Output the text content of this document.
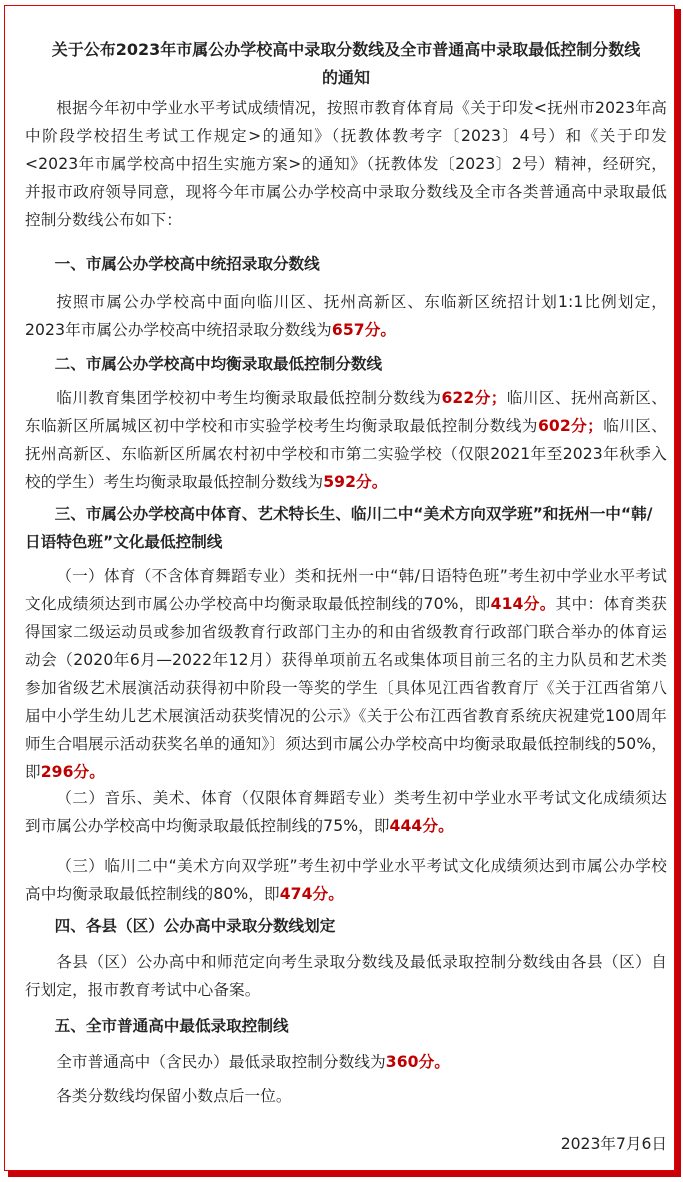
关于公布2023年市属公办学校高中录取分数线及全市普通高中录取最低控制分数线
的通知

根据今年初中学业水平考试成绩情况，按照市教育体育局《关于印发<抚州市2023年高中阶段学校招生考试工作规定>的通知》（抚教体教考字〔2023〕4号）和《关于印发<2023年市属学校高中招生实施方案>的通知》（抚教体发〔2023〕2号）精神，经研究，并报市政府领导同意，现将今年市属公办学校高中录取分数线及全市各类普通高中录取最低控制分数线公布如下：

一、市属公办学校高中统招录取分数线

按照市属公办学校高中面向临川区、抚州高新区、东临新区统招计划1:1比例划定，2023年市属公办学校高中统招录取分数线为657分。

二、市属公办学校高中均衡录取最低控制分数线

临川教育集团学校初中考生均衡录取最低控制分数线为622分；临川区、抚州高新区、东临新区所属城区初中学校和市实验学校考生均衡录取最低控制分数线为602分；临川区、抚州高新区、东临新区所属农村初中学校和市第二实验学校（仅限2021年至2023年秋季入校的学生）考生均衡录取最低控制分数线为592分。

三、市属公办学校高中体育、艺术特长生、临川二中“美术方向双学班”和抚州一中“韩/日语特色班”文化最低控制线

（一）体育（不含体育舞蹈专业）类和抚州一中“韩/日语特色班”考生初中学业水平考试文化成绩须达到市属公办学校高中均衡录取最低控制线的70%，即414分。其中：体育类获得国家二级运动员或参加省级教育行政部门主办的和由省级教育行政部门联合举办的体育运动会（2020年6月—2022年12月）获得单项前五名或集体项目前三名的主力队员和艺术类参加省级艺术展演活动获得初中阶段一等奖的学生〔具体见江西省教育厅《关于江西省第八届中小学生幼儿艺术展演活动获奖情况的公示》《关于公布江西省教育系统庆祝建党100周年师生合唱展示活动获奖名单的通知》〕须达到市属公办学校高中均衡录取最低控制线的50%，即296分。

（二）音乐、美术、体育（仅限体育舞蹈专业）类考生初中学业水平考试文化成绩须达到市属公办学校高中均衡录取最低控制线的75%，即444分。

（三）临川二中“美术方向双学班”考生初中学业水平考试文化成绩须达到市属公办学校高中均衡录取最低控制线的80%，即474分。

四、各县（区）公办高中录取分数线划定

各县（区）公办高中和师范定向考生录取分数线及最低录取控制分数线由各县（区）自行划定，报市教育考试中心备案。

五、全市普通高中最低录取控制线

全市普通高中（含民办）最低录取控制分数线为360分。

各类分数线均保留小数点后一位。

2023年7月6日
